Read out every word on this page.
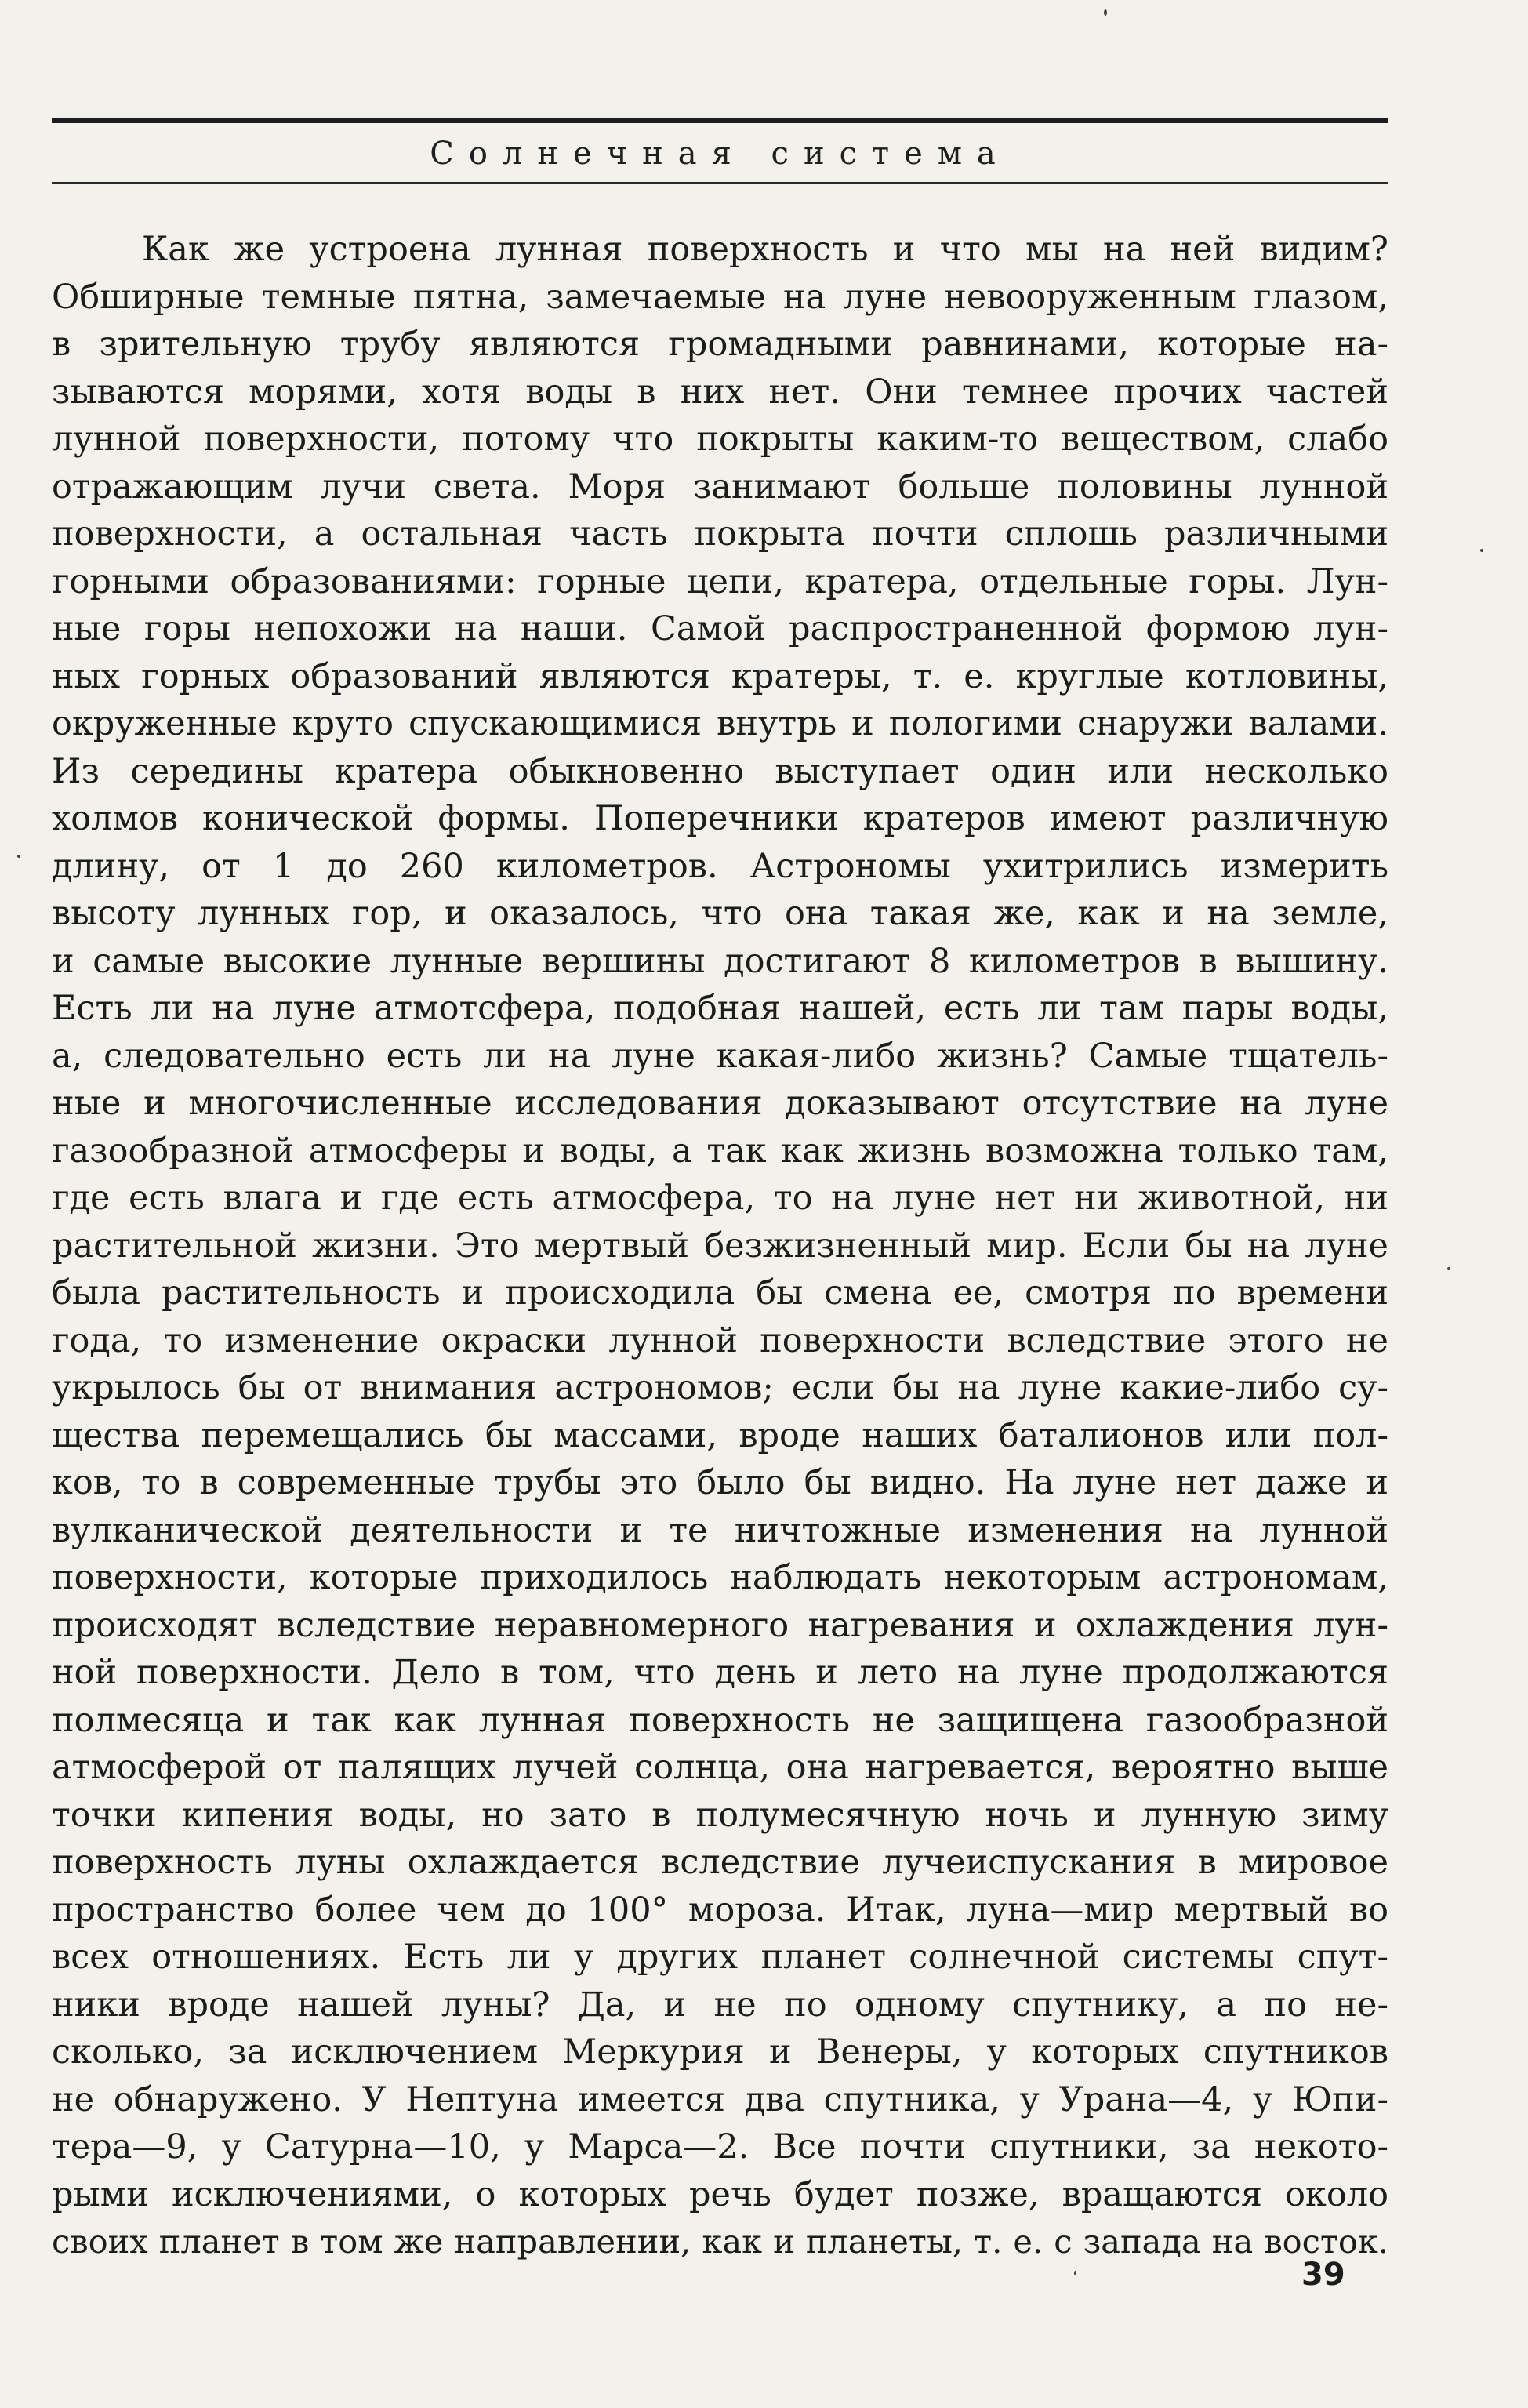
Солнечная система
Как же устроена лунная поверхность и что мы на ней видим?
Обширные темные пятна, замечаемые на луне невооруженным глазом,
в зрительную трубу являются громадными равнинами, которые на-
зываются морями, хотя воды в них нет. Они темнее прочих частей
лунной поверхности, потому что покрыты каким-то веществом, слабо
отражающим лучи света. Моря занимают больше половины лунной
поверхности, а остальная часть покрыта почти сплошь различными
горными образованиями: горные цепи, кратера, отдельные горы. Лун-
ные горы непохожи на наши. Самой распространенной формою лун-
ных горных образований являются кратеры, т. е. круглые котловины,
окруженные круто спускающимися внутрь и пологими снаружи валами.
Из середины кратера обыкновенно выступает один или несколько
холмов конической формы. Поперечники кратеров имеют различную
длину, от 1 до 260 километров. Астрономы ухитрились измерить
высоту лунных гор, и оказалось, что она такая же, как и на земле,
и самые высокие лунные вершины достигают 8 километров в вышину.
Есть ли на луне атмотсфера, подобная нашей, есть ли там пары воды,
а, следовательно есть ли на луне какая-либо жизнь? Самые тщатель-
ные и многочисленные исследования доказывают отсутствие на луне
газообразной атмосферы и воды, а так как жизнь возможна только там,
где есть влага и где есть атмосфера, то на луне нет ни животной, ни
растительной жизни. Это мертвый безжизненный мир. Если бы на луне
была растительность и происходила бы смена ее, смотря по времени
года, то изменение окраски лунной поверхности вследствие этого не
укрылось бы от внимания астрономов; если бы на луне какие-либо су-
щества перемещались бы массами, вроде наших баталионов или пол-
ков, то в современные трубы это было бы видно. На луне нет даже и
вулканической деятельности и те ничтожные изменения на лунной
поверхности, которые приходилось наблюдать некоторым астрономам,
происходят вследствие неравномерного нагревания и охлаждения лун-
ной поверхности. Дело в том, что день и лето на луне продолжаются
полмесяца и так как лунная поверхность не защищена газообразной
атмосферой от палящих лучей солнца, она нагревается, вероятно выше
точки кипения воды, но зато в полумесячную ночь и лунную зиму
поверхность луны охлаждается вследствие лучеиспускания в мировое
пространство более чем до 100° мороза. Итак, луна—мир мертвый во
всех отношениях. Есть ли у других планет солнечной системы спут-
ники вроде нашей луны? Да, и не по одному спутнику, а по не-
сколько, за исключением Меркурия и Венеры, у которых спутников
не обнаружено. У Нептуна имеется два спутника, у Урана—4, у Юпи-
тера—9, у Сатурна—10, у Марса—2. Все почти спутники, за некото-
рыми исключениями, о которых речь будет позже, вращаются около
своих планет в том же направлении, как и планеты, т. е. с запада на восток.
39
